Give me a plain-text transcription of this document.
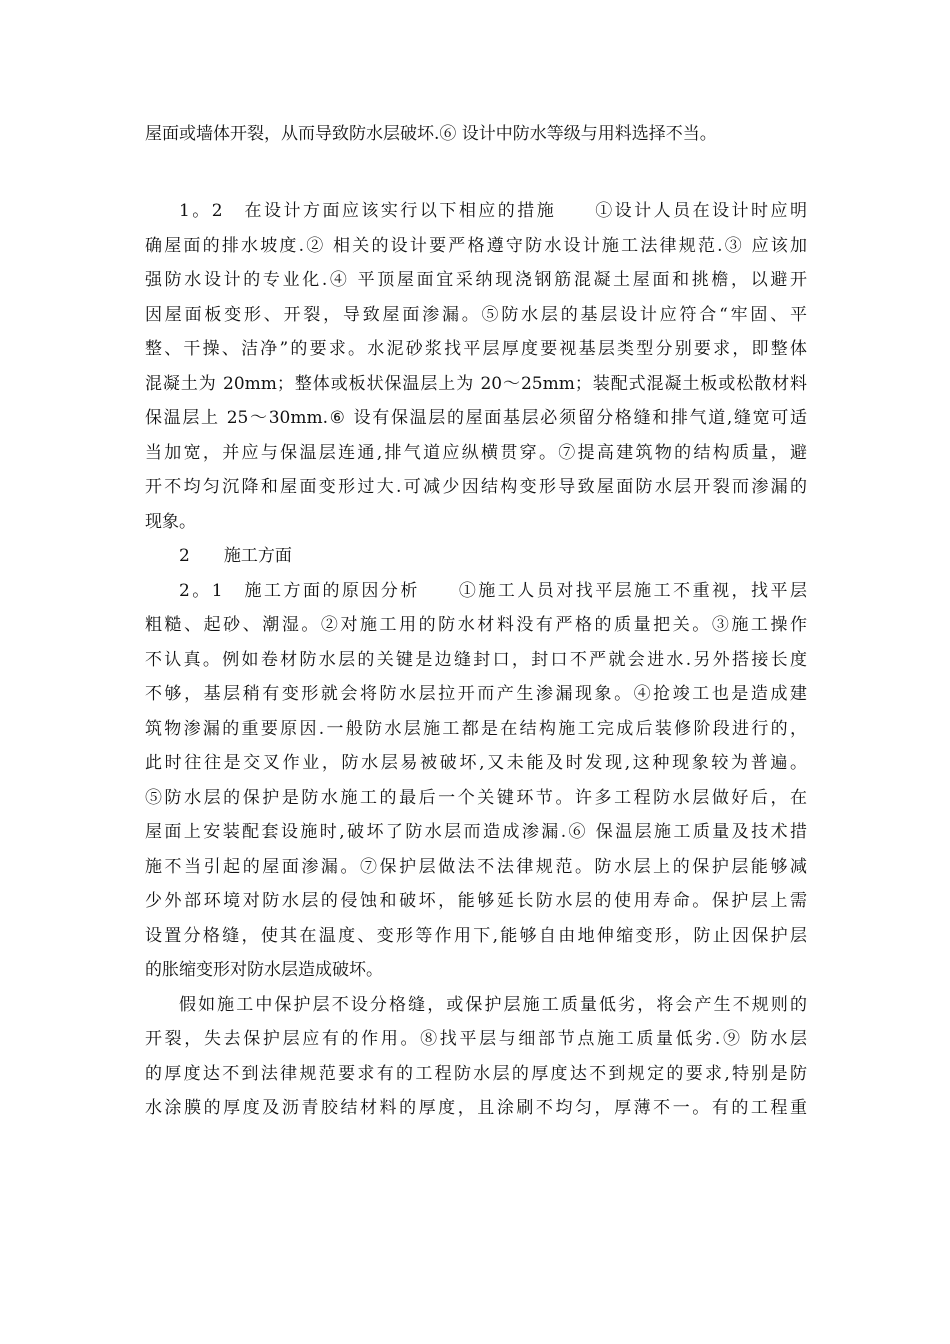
屋面或墙体开裂，从而导致防水层破坏.⑥ 设计中防水等级与用料选择不当。
1。2　在设计方面应该实行以下相应的措施　　①设计人员在设计时应明
确屋面的排水坡度.② 相关的设计要严格遵守防水设计施工法律规范.③ 应该加
强防水设计的专业化.④ 平顶屋面宜采纳现浇钢筋混凝土屋面和挑檐，以避开
因屋面板变形、开裂，导致屋面渗漏。⑤防水层的基层设计应符合“牢固、平
整、干操、洁净”的要求。水泥砂浆找平层厚度要视基层类型分别要求，即整体
混凝土为 20mm；整体或板状保温层上为 20～25mm；装配式混凝土板或松散材料
保温层上 25～30mm.⑥ 设有保温层的屋面基层必须留分格缝和排气道,缝宽可适
当加宽，并应与保温层连通,排气道应纵横贯穿。⑦提高建筑物的结构质量，避
开不均匀沉降和屋面变形过大.可减少因结构变形导致屋面防水层开裂而渗漏的
现象。
2　　施工方面
2。1　施工方面的原因分析　　①施工人员对找平层施工不重视，找平层
粗糙、起砂、潮湿。②对施工用的防水材料没有严格的质量把关。③施工操作
不认真。例如卷材防水层的关键是边缝封口，封口不严就会进水.另外搭接长度
不够，基层稍有变形就会将防水层拉开而产生渗漏现象。④抢竣工也是造成建
筑物渗漏的重要原因.一般防水层施工都是在结构施工完成后装修阶段进行的，
此时往往是交叉作业，防水层易被破坏,又未能及时发现,这种现象较为普遍。
⑤防水层的保护是防水施工的最后一个关键环节。许多工程防水层做好后，在
屋面上安装配套设施时,破坏了防水层而造成渗漏.⑥ 保温层施工质量及技术措
施不当引起的屋面渗漏。⑦保护层做法不法律规范。防水层上的保护层能够减
少外部环境对防水层的侵蚀和破坏，能够延长防水层的使用寿命。保护层上需
设置分格缝，使其在温度、变形等作用下,能够自由地伸缩变形，防止因保护层
的胀缩变形对防水层造成破坏。
假如施工中保护层不设分格缝，或保护层施工质量低劣，将会产生不规则的
开裂，失去保护层应有的作用。⑧找平层与细部节点施工质量低劣.⑨ 防水层
的厚度达不到法律规范要求有的工程防水层的厚度达不到规定的要求,特别是防
水涂膜的厚度及沥青胶结材料的厚度，且涂刷不均匀，厚薄不一。有的工程重
